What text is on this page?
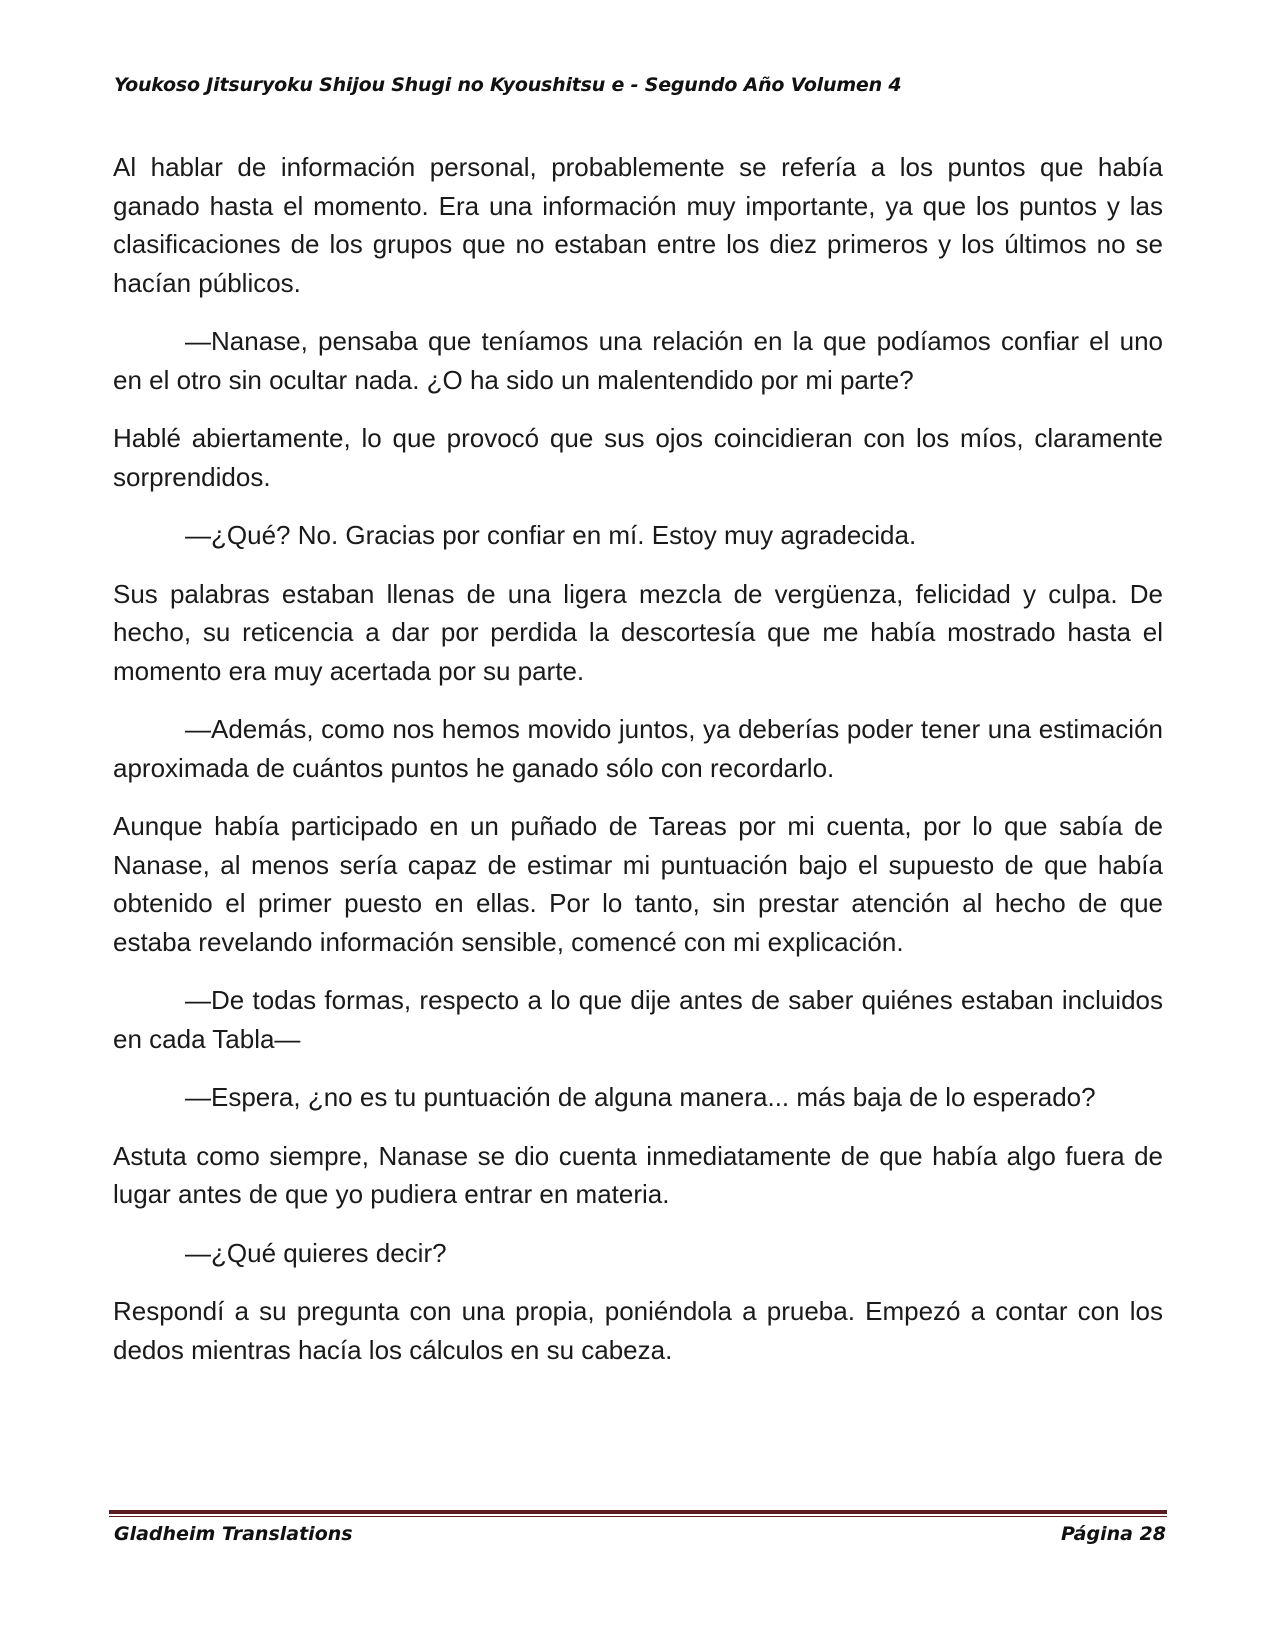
Youkoso Jitsuryoku Shijou Shugi no Kyoushitsu e - Segundo Año Volumen 4

Al hablar de información personal, probablemente se refería a los puntos que había ganado hasta el momento. Era una información muy importante, ya que los puntos y las clasificaciones de los grupos que no estaban entre los diez primeros y los últimos no se hacían públicos.

—Nanase, pensaba que teníamos una relación en la que podíamos confiar el uno en el otro sin ocultar nada. ¿O ha sido un malentendido por mi parte?

Hablé abiertamente, lo que provocó que sus ojos coincidieran con los míos, claramente sorprendidos.

—¿Qué? No. Gracias por confiar en mí. Estoy muy agradecida.

Sus palabras estaban llenas de una ligera mezcla de vergüenza, felicidad y culpa. De hecho, su reticencia a dar por perdida la descortesía que me había mostrado hasta el momento era muy acertada por su parte.

—Además, como nos hemos movido juntos, ya deberías poder tener una estimación aproximada de cuántos puntos he ganado sólo con recordarlo.

Aunque había participado en un puñado de Tareas por mi cuenta, por lo que sabía de Nanase, al menos sería capaz de estimar mi puntuación bajo el supuesto de que había obtenido el primer puesto en ellas. Por lo tanto, sin prestar atención al hecho de que estaba revelando información sensible, comencé con mi explicación.

—De todas formas, respecto a lo que dije antes de saber quiénes estaban incluidos en cada Tabla—

—Espera, ¿no es tu puntuación de alguna manera... más baja de lo esperado?

Astuta como siempre, Nanase se dio cuenta inmediatamente de que había algo fuera de lugar antes de que yo pudiera entrar en materia.

—¿Qué quieres decir?

Respondí a su pregunta con una propia, poniéndola a prueba. Empezó a contar con los dedos mientras hacía los cálculos en su cabeza.

Gladheim Translations	Página 28
